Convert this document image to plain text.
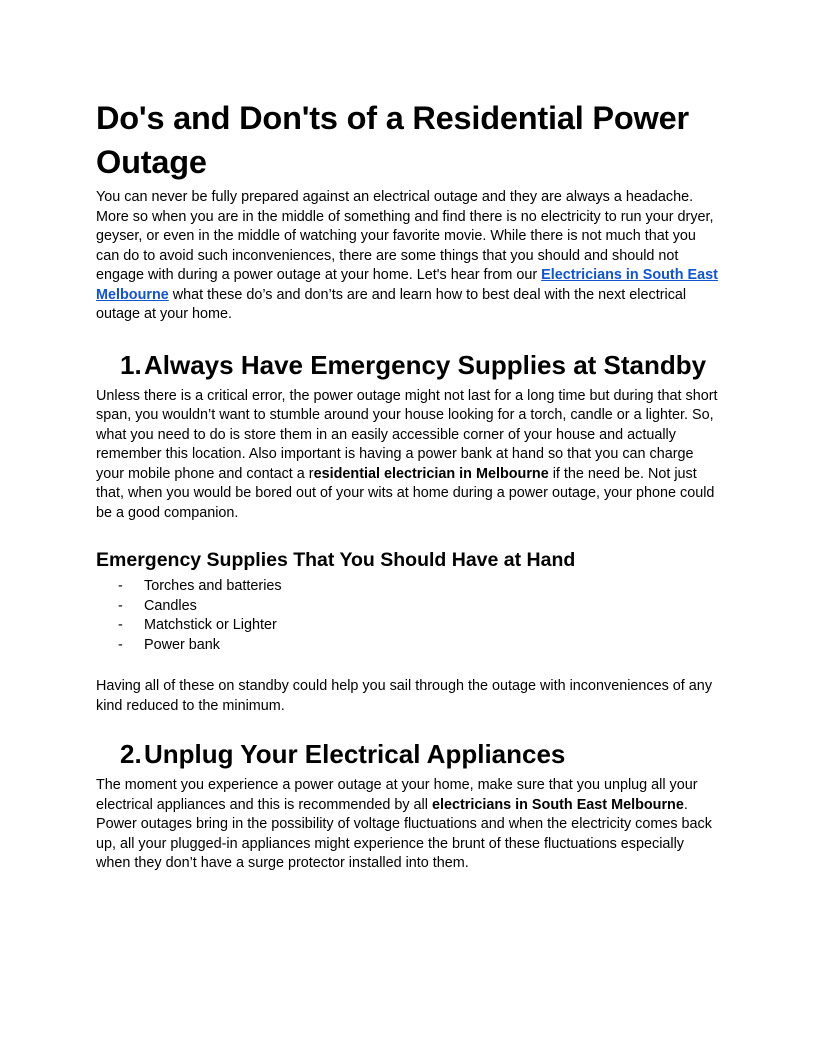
Do's and Don'ts of a Residential Power Outage

You can never be fully prepared against an electrical outage and they are always a headache. More so when you are in the middle of something and find there is no electricity to run your dryer, geyser, or even in the middle of watching your favorite movie. While there is not much that you can do to avoid such inconveniences, there are some things that you should and should not engage with during a power outage at your home. Let's hear from our Electricians in South East Melbourne what these do’s and don’ts are and learn how to best deal with the next electrical outage at your home.

1. Always Have Emergency Supplies at Standby

Unless there is a critical error, the power outage might not last for a long time but during that short span, you wouldn’t want to stumble around your house looking for a torch, candle or a lighter. So, what you need to do is store them in an easily accessible corner of your house and actually remember this location. Also important is having a power bank at hand so that you can charge your mobile phone and contact a residential electrician in Melbourne if the need be. Not just that, when you would be bored out of your wits at home during a power outage, your phone could be a good companion.

Emergency Supplies That You Should Have at Hand
-	Torches and batteries
-	Candles
-	Matchstick or Lighter
-	Power bank

Having all of these on standby could help you sail through the outage with inconveniences of any kind reduced to the minimum.

2. Unplug Your Electrical Appliances

The moment you experience a power outage at your home, make sure that you unplug all your electrical appliances and this is recommended by all electricians in South East Melbourne. Power outages bring in the possibility of voltage fluctuations and when the electricity comes back up, all your plugged-in appliances might experience the brunt of these fluctuations especially when they don’t have a surge protector installed into them.
